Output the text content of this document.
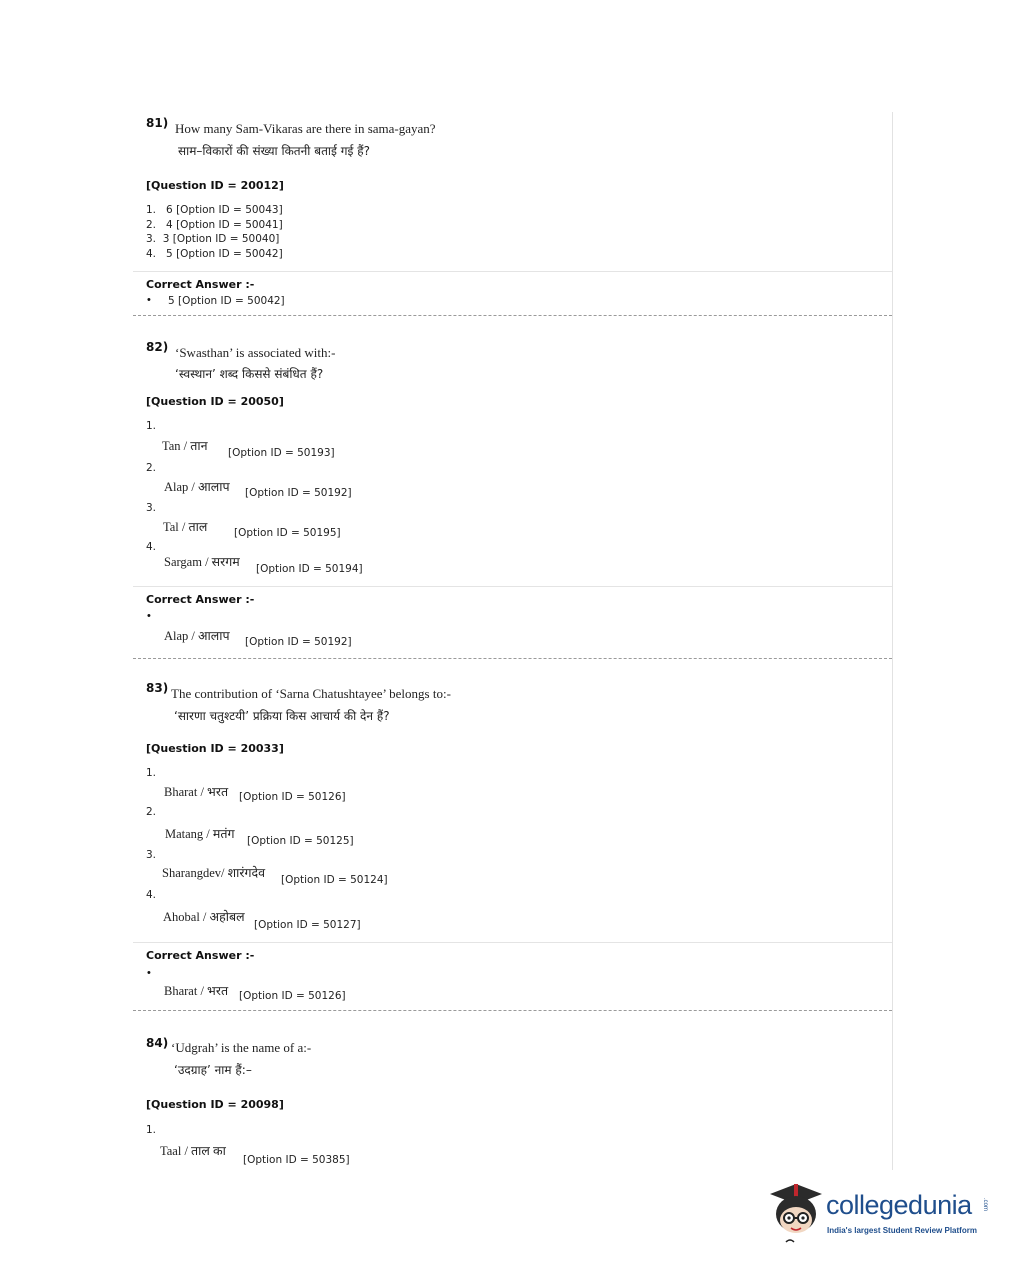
81) How many Sam-Vikaras are there in sama-gayan?
साम–विकारों की संख्या कितनी बताई गई हैं?
[Question ID = 20012]
1. 6 [Option ID = 50043]
2. 4 [Option ID = 50041]
3. 3 [Option ID = 50040]
4. 5 [Option ID = 50042]
Correct Answer :-
• 5 [Option ID = 50042]
82) ‘Swasthan’ is associated with:-
‘स्वस्थान’ शब्द किससे संबंधित हैं?
[Question ID = 20050]
1.
Tan / तान [Option ID = 50193]
2.
Alap / आलाप [Option ID = 50192]
3.
Tal / ताल	[Option ID = 50195]
4.
Sargam / सरगम [Option ID = 50194]
Correct Answer :-
•
Alap / आलाप [Option ID = 50192]
83) The contribution of ‘Sarna Chatushtayee’ belongs to:-
‘सारणा चतुश्टयी’ प्रक्रिया किस आचार्य की देन हैं?
[Question ID = 20033]
1.
Bharat / भरत [Option ID = 50126]
2.
Matang / मतंग [Option ID = 50125]
3.
Sharangdev/ शारंगदेव [Option ID = 50124]
4.
Ahobal / अहोबल
[Option ID = 50127]
Correct Answer :-
•
Bharat / भरत [Option ID = 50126]
84) ‘Udgrah’ is the name of a:-
‘उदग्राह’ नाम हैं:–
[Question ID = 20098]
1.
Taal / ताल का
[Option ID = 50385]
collegedunia .com
India's largest Student Review Platform
